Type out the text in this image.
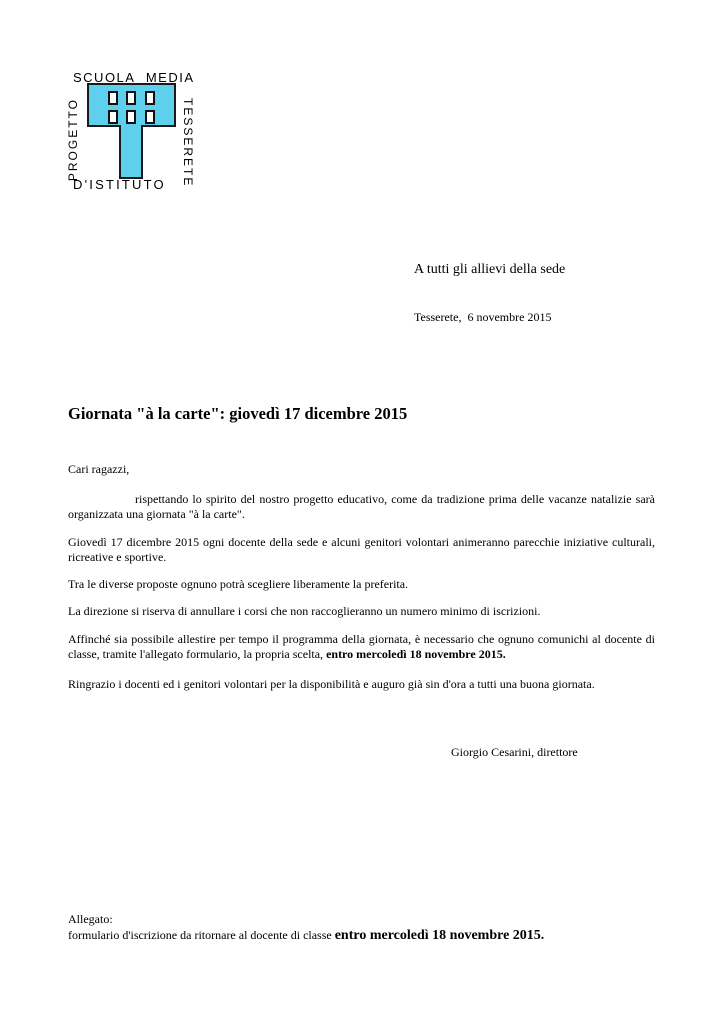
SCUOLA MEDIA
PROGETTO	TESSERETE
D'ISTITUTO
A tutti gli allievi della sede
Tesserete,  6 novembre 2015
Giornata "à la carte": giovedì 17 dicembre 2015
Cari ragazzi,
rispettando lo spirito del nostro progetto educativo, come da tradizione prima delle vacanze natalizie sarà organizzata una giornata "à la carte".
Giovedì 17 dicembre 2015 ogni docente della sede e alcuni genitori volontari animeranno parecchie iniziative culturali, ricreative e sportive.
Tra le diverse proposte ognuno potrà scegliere liberamente la preferita.
La direzione si riserva di annullare i corsi che non raccoglieranno un numero minimo di iscrizioni.
Affinché sia possibile allestire per tempo il programma della giornata, è necessario che ognuno comunichi al docente di classe, tramite l'allegato formulario, la propria scelta, entro mercoledì 18 novembre 2015.
Ringrazio i docenti ed i genitori volontari per la disponibilità e auguro già sin d'ora a tutti una buona giornata.
Giorgio Cesarini, direttore
Allegato:
formulario d'iscrizione da ritornare al docente di classe entro mercoledì 18 novembre 2015.
